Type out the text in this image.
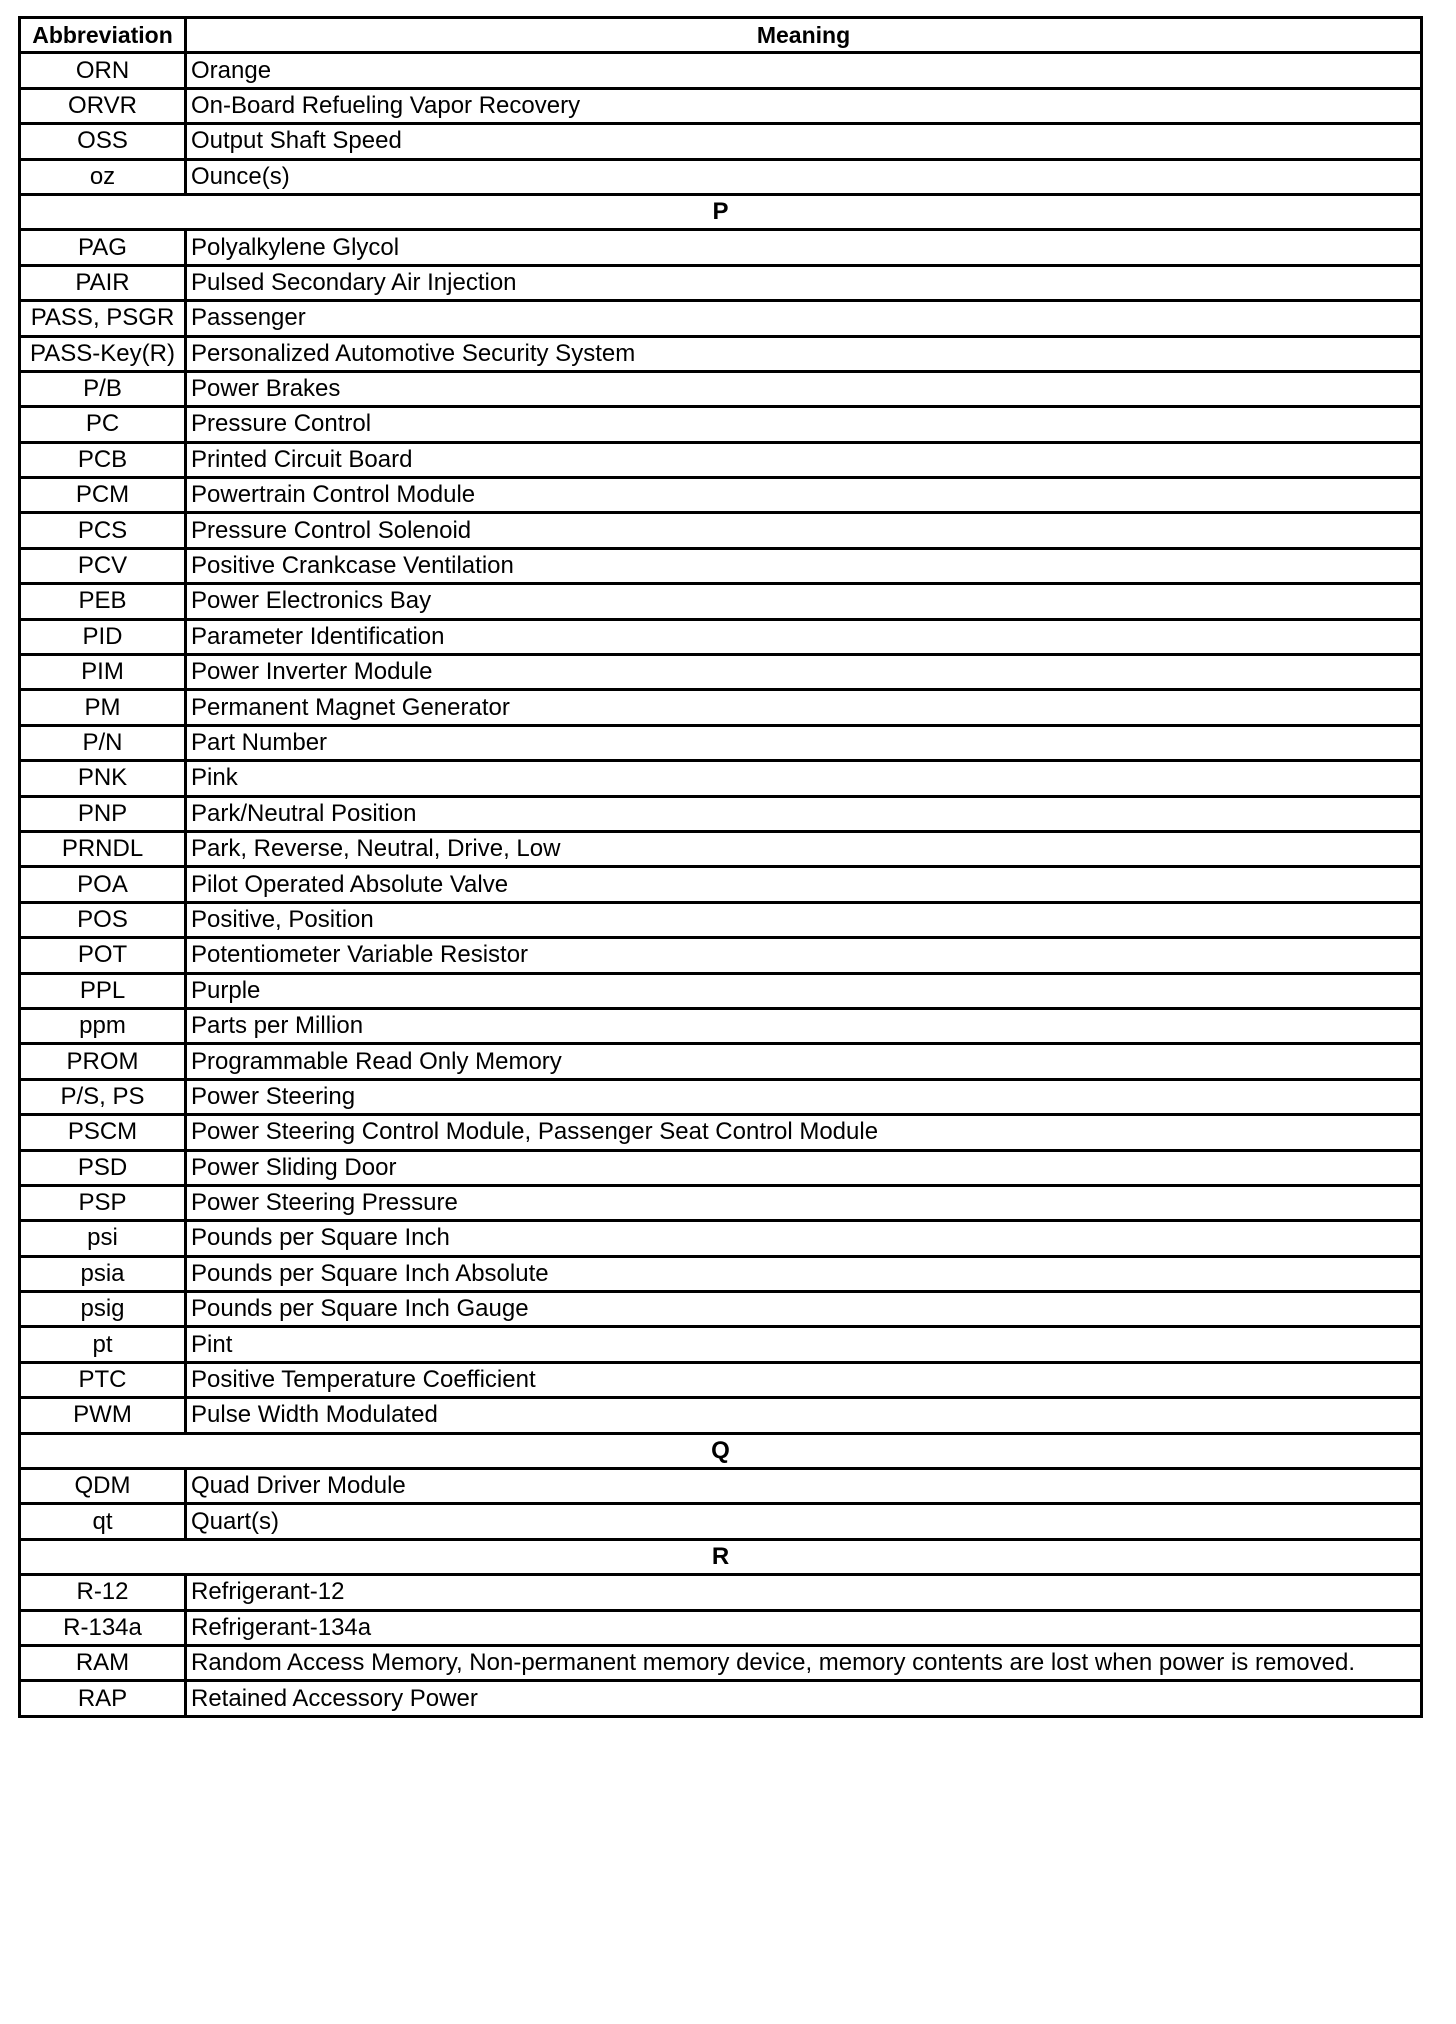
Abbreviation	Meaning
ORN	Orange
ORVR	On-Board Refueling Vapor Recovery
OSS	Output Shaft Speed
oz	Ounce(s)
P	
PAG	Polyalkylene Glycol
PAIR	Pulsed Secondary Air Injection
PASS, PSGR	Passenger
PASS-Key(R)	Personalized Automotive Security System
P/B	Power Brakes
PC	Pressure Control
PCB	Printed Circuit Board
PCM	Powertrain Control Module
PCS	Pressure Control Solenoid
PCV	Positive Crankcase Ventilation
PEB	Power Electronics Bay
PID	Parameter Identification
PIM	Power Inverter Module
PM	Permanent Magnet Generator
P/N	Part Number
PNK	Pink
PNP	Park/Neutral Position
PRNDL	Park, Reverse, Neutral, Drive, Low
POA	Pilot Operated Absolute Valve
POS	Positive, Position
POT	Potentiometer Variable Resistor
PPL	Purple
ppm	Parts per Million
PROM	Programmable Read Only Memory
P/S, PS	Power Steering
PSCM	Power Steering Control Module, Passenger Seat Control Module
PSD	Power Sliding Door
PSP	Power Steering Pressure
psi	Pounds per Square Inch
psia	Pounds per Square Inch Absolute
psig	Pounds per Square Inch Gauge
pt	Pint
PTC	Positive Temperature Coefficient
PWM	Pulse Width Modulated
Q	
QDM	Quad Driver Module
qt	Quart(s)
R	
R-12	Refrigerant-12
R-134a	Refrigerant-134a
RAM	Random Access Memory, Non-permanent memory device, memory contents are lost when power is removed.
RAP	Retained Accessory Power
